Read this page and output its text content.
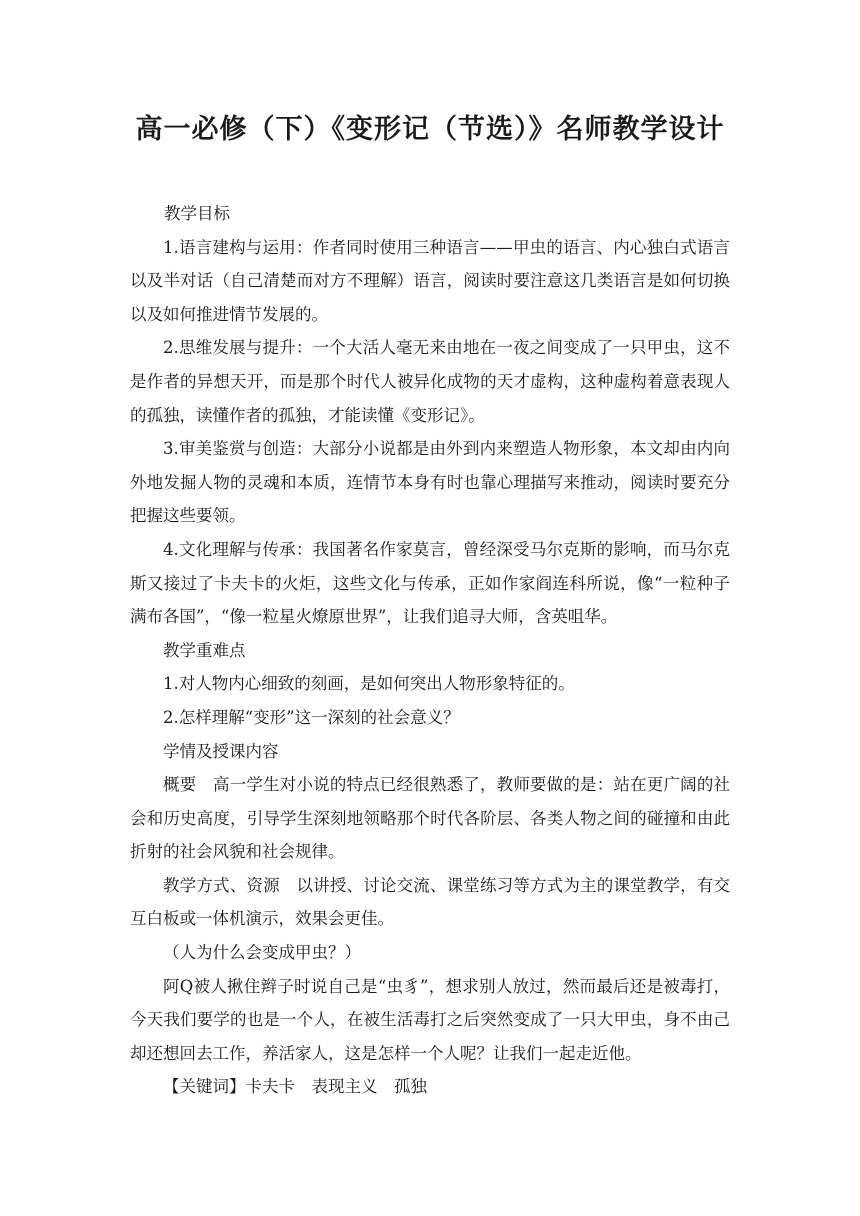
高一必修（下）《变形记（节选）》名师教学设计

教学目标

1.语言建构与运用：作者同时使用三种语言——甲虫的语言、内心独白式语言以及半对话（自己清楚而对方不理解）语言，阅读时要注意这几类语言是如何切换以及如何推进情节发展的。

2.思维发展与提升：一个大活人毫无来由地在一夜之间变成了一只甲虫，这不是作者的异想天开，而是那个时代人被异化成物的天才虚构，这种虚构着意表现人的孤独，读懂作者的孤独，才能读懂《变形记》。

3.审美鉴赏与创造：大部分小说都是由外到内来塑造人物形象，本文却由内向外地发掘人物的灵魂和本质，连情节本身有时也靠心理描写来推动，阅读时要充分把握这些要领。

4.文化理解与传承：我国著名作家莫言，曾经深受马尔克斯的影响，而马尔克斯又接过了卡夫卡的火炬，这些文化与传承，正如作家阎连科所说，像“一粒种子满布各国”，“像一粒星火燎原世界”，让我们追寻大师，含英咀华。

教学重难点

1.对人物内心细致的刻画，是如何突出人物形象特征的。

2.怎样理解“变形”这一深刻的社会意义？

学情及授课内容

概要　高一学生对小说的特点已经很熟悉了，教师要做的是：站在更广阔的社会和历史高度，引导学生深刻地领略那个时代各阶层、各类人物之间的碰撞和由此折射的社会风貌和社会规律。

教学方式、资源　以讲授、讨论交流、课堂练习等方式为主的课堂教学，有交互白板或一体机演示，效果会更佳。

（人为什么会变成甲虫？）

阿Q被人揪住辫子时说自己是“虫豸”，想求别人放过，然而最后还是被毒打，今天我们要学的也是一个人，在被生活毒打之后突然变成了一只大甲虫，身不由己却还想回去工作，养活家人，这是怎样一个人呢？让我们一起走近他。

【关键词】卡夫卡　表现主义　孤独
